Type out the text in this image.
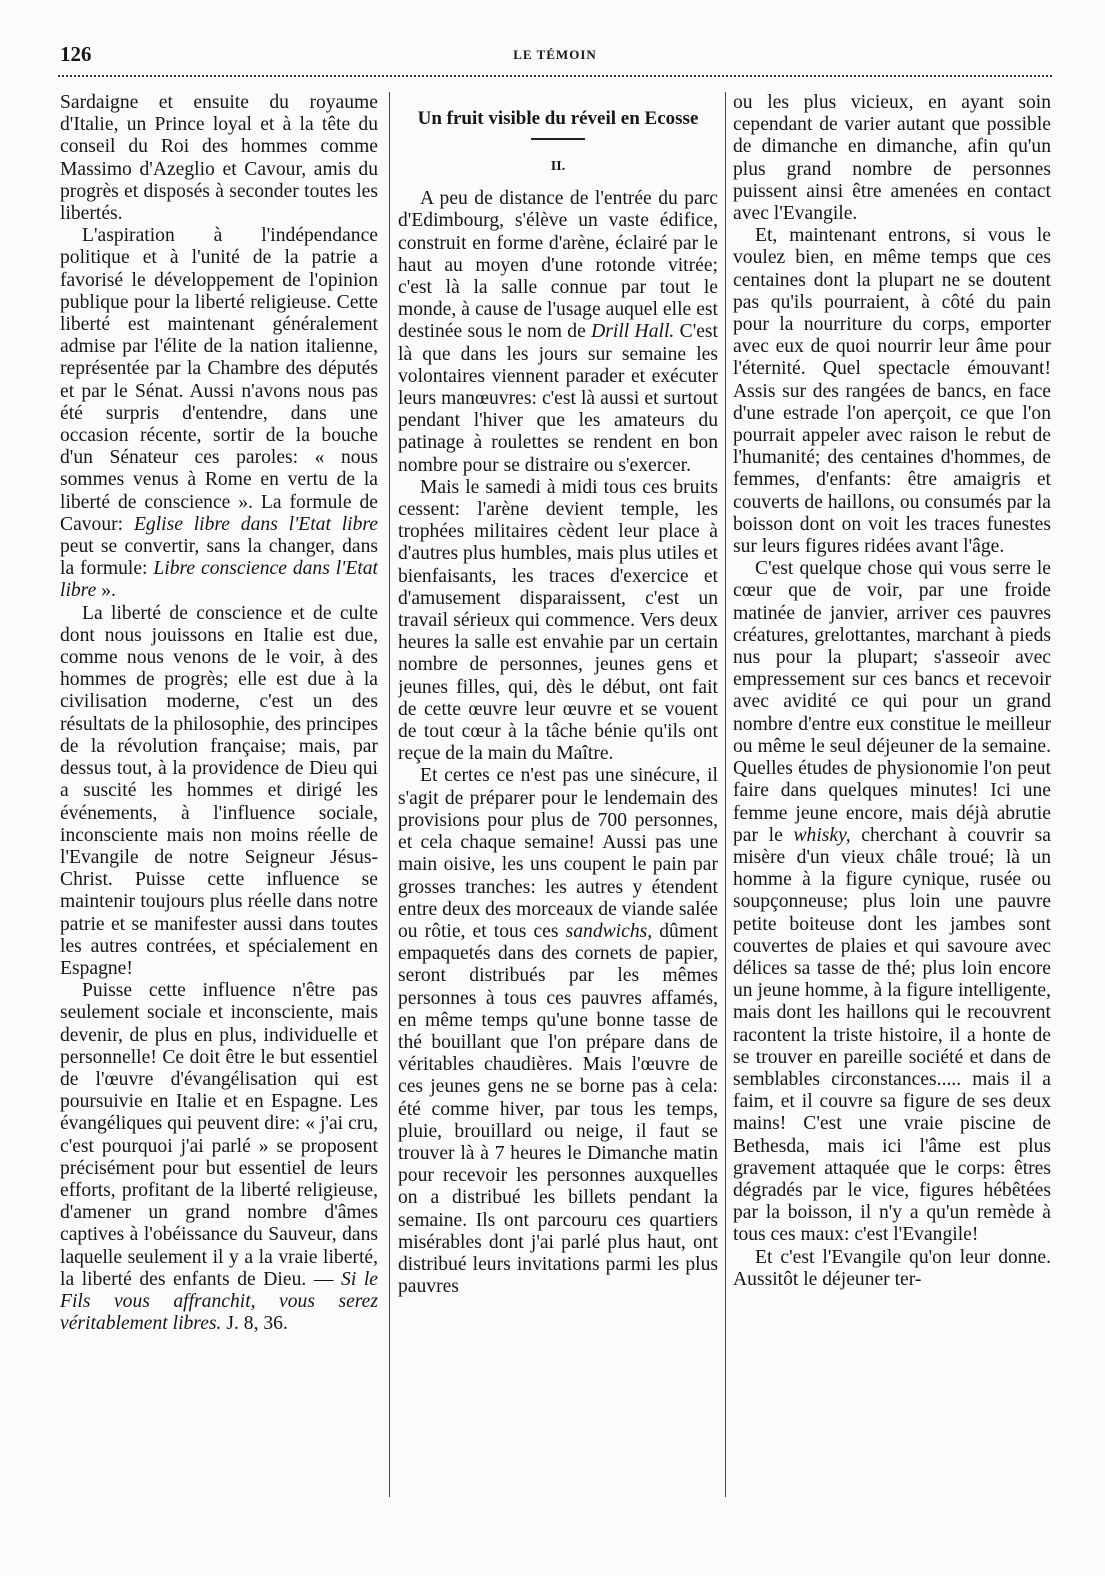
126	LE TÉMOIN

Sardaigne et ensuite du royaume d'Italie, un Prince loyal et à la tête du conseil du Roi des hommes comme Massimo d'Azeglio et Cavour, amis du progrès et disposés à seconder toutes les libertés.

L'aspiration à l'indépendance politique et à l'unité de la patrie a favorisé le développement de l'opinion publique pour la liberté religieuse. Cette liberté est maintenant généralement admise par l'élite de la nation italienne, représentée par la Chambre des députés et par le Sénat. Aussi n'avons nous pas été surpris d'entendre, dans une occasion récente, sortir de la bouche d'un Sénateur ces paroles: « nous sommes venus à Rome en vertu de la liberté de conscience ». La formule de Cavour: Eglise libre dans l'Etat libre peut se convertir, sans la changer, dans la formule: Libre conscience dans l'Etat libre ».

La liberté de conscience et de culte dont nous jouissons en Italie est due, comme nous venons de le voir, à des hommes de progrès; elle est due à la civilisation moderne, c'est un des résultats de la philosophie, des principes de la révolution française; mais, par dessus tout, à la providence de Dieu qui a suscité les hommes et dirigé les événements, à l'influence sociale, inconsciente mais non moins réelle de l'Evangile de notre Seigneur Jésus-Christ. Puisse cette influence se maintenir toujours plus réelle dans notre patrie et se manifester aussi dans toutes les autres contrées, et spécialement en Espagne!

Puisse cette influence n'être pas seulement sociale et inconsciente, mais devenir, de plus en plus, individuelle et personnelle! Ce doit être le but essentiel de l'œuvre d'évangélisation qui est poursuivie en Italie et en Espagne. Les évangéliques qui peuvent dire: « j'ai cru, c'est pourquoi j'ai parlé » se proposent précisément pour but essentiel de leurs efforts, profitant de la liberté religieuse, d'amener un grand nombre d'âmes captives à l'obéissance du Sauveur, dans laquelle seulement il y a la vraie liberté, la liberté des enfants de Dieu. — Si le Fils vous affranchit, vous serez véritablement libres. J. 8, 36.

Un fruit visible du réveil en Ecosse
II.

A peu de distance de l'entrée du parc d'Edimbourg, s'élève un vaste édifice, construit en forme d'arène, éclairé par le haut au moyen d'une rotonde vitrée; c'est là la salle connue par tout le monde, à cause de l'usage auquel elle est destinée sous le nom de Drill Hall. C'est là que dans les jours sur semaine les volontaires viennent parader et exécuter leurs manœuvres: c'est là aussi et surtout pendant l'hiver que les amateurs du patinage à roulettes se rendent en bon nombre pour se distraire ou s'exercer.

Mais le samedi à midi tous ces bruits cessent: l'arène devient temple, les trophées militaires cèdent leur place à d'autres plus humbles, mais plus utiles et bienfaisants, les traces d'exercice et d'amusement disparaissent, c'est un travail sérieux qui commence. Vers deux heures la salle est envahie par un certain nombre de personnes, jeunes gens et jeunes filles, qui, dès le début, ont fait de cette œuvre leur œuvre et se vouent de tout cœur à la tâche bénie qu'ils ont reçue de la main du Maître.

Et certes ce n'est pas une sinécure, il s'agit de préparer pour le lendemain des provisions pour plus de 700 personnes, et cela chaque semaine! Aussi pas une main oisive, les uns coupent le pain par grosses tranches: les autres y étendent entre deux des morceaux de viande salée ou rôtie, et tous ces sandwichs, dûment empaquetés dans des cornets de papier, seront distribués par les mêmes personnes à tous ces pauvres affamés, en même temps qu'une bonne tasse de thé bouillant que l'on prépare dans de véritables chaudières. Mais l'œuvre de ces jeunes gens ne se borne pas à cela: été comme hiver, par tous les temps, pluie, brouillard ou neige, il faut se trouver là à 7 heures le Dimanche matin pour recevoir les personnes auxquelles on a distribué les billets pendant la semaine. Ils ont parcouru ces quartiers misérables dont j'ai parlé plus haut, ont distribué leurs invitations parmi les plus pauvres

ou les plus vicieux, en ayant soin cependant de varier autant que possible de dimanche en dimanche, afin qu'un plus grand nombre de personnes puissent ainsi être amenées en contact avec l'Evangile.

Et, maintenant entrons, si vous le voulez bien, en même temps que ces centaines dont la plupart ne se doutent pas qu'ils pourraient, à côté du pain pour la nourriture du corps, emporter avec eux de quoi nourrir leur âme pour l'éternité. Quel spectacle émouvant! Assis sur des rangées de bancs, en face d'une estrade l'on aperçoit, ce que l'on pourrait appeler avec raison le rebut de l'humanité; des centaines d'hommes, de femmes, d'enfants: être amaigris et couverts de haillons, ou consumés par la boisson dont on voit les traces funestes sur leurs figures ridées avant l'âge.

C'est quelque chose qui vous serre le cœur que de voir, par une froide matinée de janvier, arriver ces pauvres créatures, grelottantes, marchant à pieds nus pour la plupart; s'asseoir avec empressement sur ces bancs et recevoir avec avidité ce qui pour un grand nombre d'entre eux constitue le meilleur ou même le seul déjeuner de la semaine. Quelles études de physionomie l'on peut faire dans quelques minutes! Ici une femme jeune encore, mais déjà abrutie par le whisky, cherchant à couvrir sa misère d'un vieux châle troué; là un homme à la figure cynique, rusée ou soupçonneuse; plus loin une pauvre petite boiteuse dont les jambes sont couvertes de plaies et qui savoure avec délices sa tasse de thé; plus loin encore un jeune homme, à la figure intelligente, mais dont les haillons qui le recouvrent racontent la triste histoire, il a honte de se trouver en pareille société et dans de semblables circonstances..... mais il a faim, et il couvre sa figure de ses deux mains! C'est une vraie piscine de Bethesda, mais ici l'âme est plus gravement attaquée que le corps: êtres dégradés par le vice, figures hébêtées par la boisson, il n'y a qu'un remède à tous ces maux: c'est l'Evangile!

Et c'est l'Evangile qu'on leur donne. Aussitôt le déjeuner ter-
